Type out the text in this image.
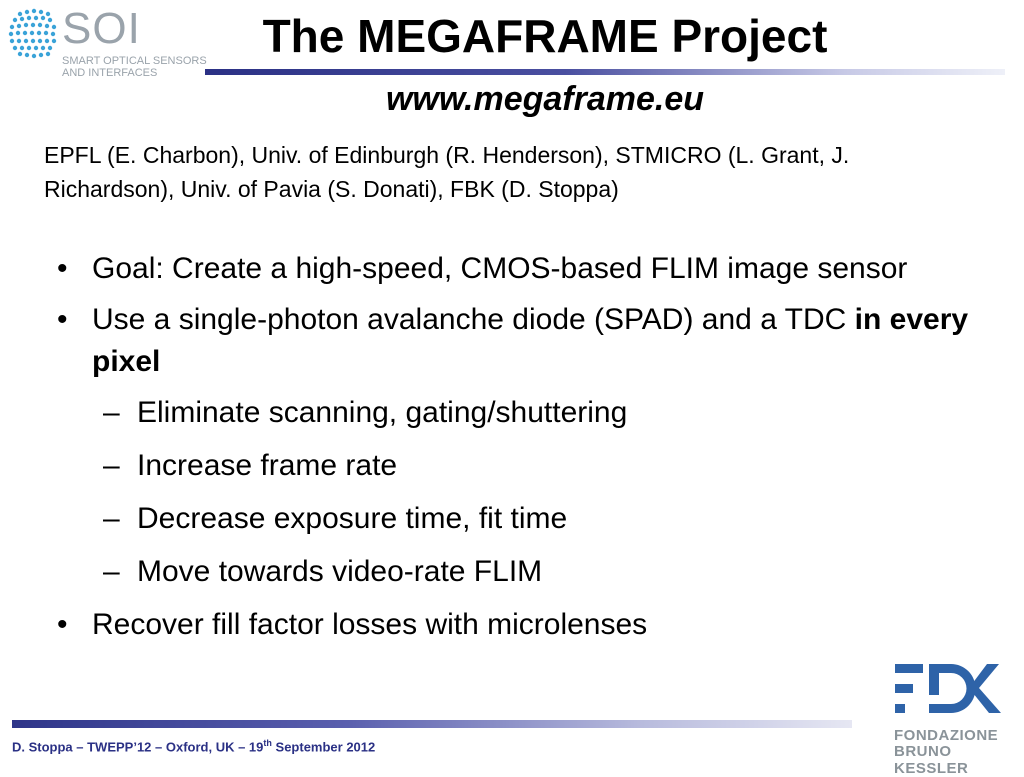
SOI
SMART OPTICAL SENSORS
AND INTERFACES
The MEGAFRAME Project
www.megaframe.eu
EPFL (E. Charbon), Univ. of Edinburgh (R. Henderson), STMICRO (L. Grant, J. Richardson), Univ. of Pavia (S. Donati), FBK (D. Stoppa)
• Goal: Create a high-speed, CMOS-based FLIM image sensor
• Use a single-photon avalanche diode (SPAD) and a TDC in every pixel
– Eliminate scanning, gating/shuttering
– Increase frame rate
– Decrease exposure time, fit time
– Move towards video-rate FLIM
• Recover fill factor losses with microlenses
FONDAZIONE
BRUNO KESSLER
D. Stoppa – TWEPP’12 – Oxford, UK – 19th September 2012
